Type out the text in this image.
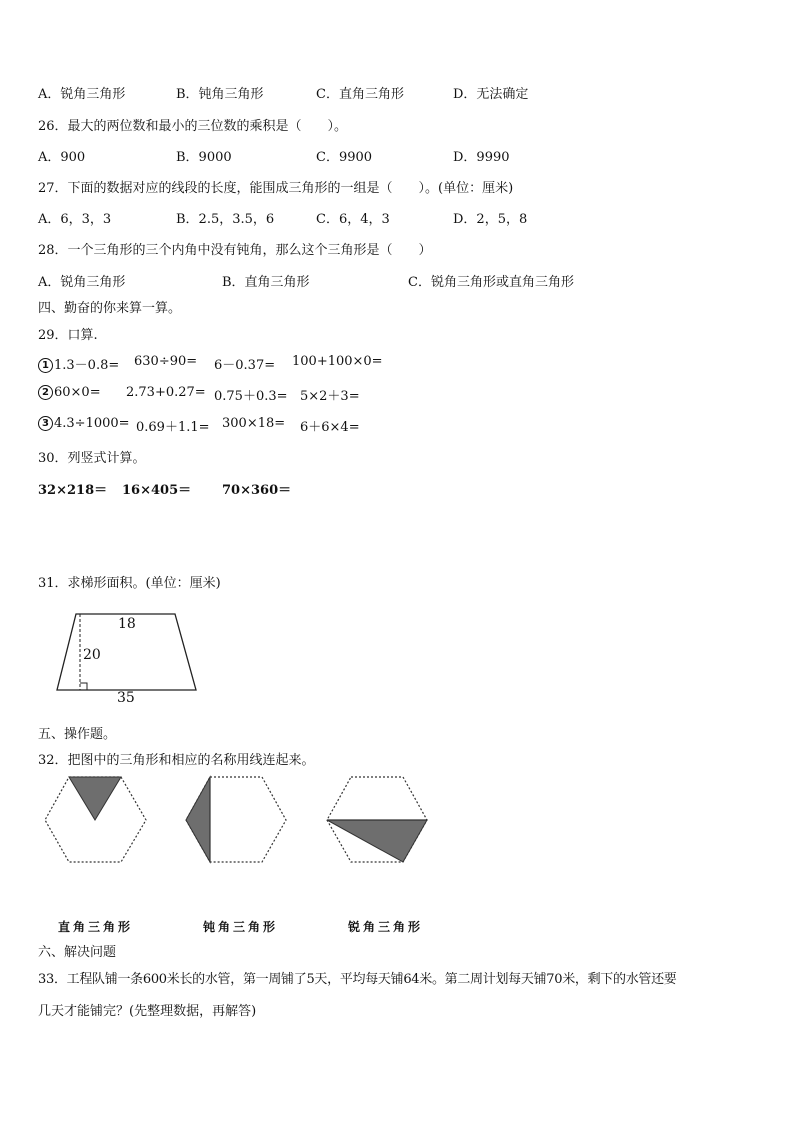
A．锐角三角形	B．钝角三角形	C．直角三角形	D．无法确定
26．最大的两位数和最小的三位数的乘积是（　　）。
A．900	B．9000	C．9900	D．9990
27．下面的数据对应的线段的长度，能围成三角形的一组是（　　）。(单位：厘米)
A．6，3，3	B．2.5，3.5，6	C．6，4，3	D．2，5，8
28．一个三角形的三个内角中没有钝角，那么这个三角形是（　　）
A．锐角三角形	B．直角三角形	C．锐角三角形或直角三角形
四、勤奋的你来算一算。
29．口算.
1 1.3－0.8= 630÷90= 6－0.37= 100+100×0=
2 60×0= 2.73+0.27= 0.75＋0.3= 5×2＋3=
3 4.3÷1000= 0.69＋1.1= 300×18= 6＋6×4=
30．列竖式计算。
32×218＝ 16×405＝ 70×360＝
31．求梯形面积。(单位：厘米)
18
20
35
五、操作题。
32．把图中的三角形和相应的名称用线连起来。
直角三角形	钝角三角形	锐角三角形
六、解决问题
33．工程队铺一条600米长的水管，第一周铺了5天，平均每天铺64米。第二周计划每天铺70米，剩下的水管还要
几天才能铺完？(先整理数据，再解答)
